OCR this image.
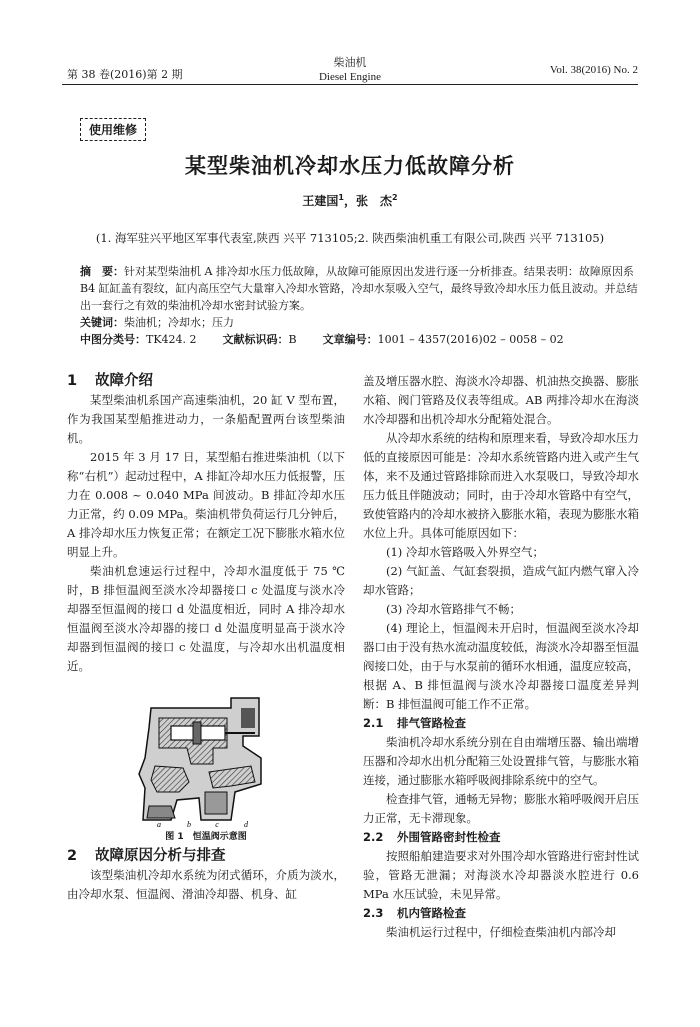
第 38 卷(2016)第 2 期
柴油机
Diesel Engine
Vol. 38(2016) No. 2
使用维修
某型柴油机冷却水压力低故障分析
王建国$^1$，张　杰$^2$
(1. 海军驻兴平地区军事代表室,陕西 兴平 713105;2. 陕西柴油机重工有限公司,陕西 兴平 713105)

摘　要：针对某型柴油机 A 排冷却水压力低故障，从故障可能原因出发进行逐一分析排查。结果表明：故障原因系 B4 缸缸盖有裂纹，缸内高压空气大量窜入冷却水管路，冷却水泵吸入空气，最终导致冷却水压力低且波动。并总结出一套行之有效的柴油机冷却水密封试验方案。

关键词：柴油机；冷却水；压力

中图分类号：TK424. 2 文献标识码：B 文章编号：1001 – 4357(2016)02 – 0058 – 02

1 故障介绍

某型柴油机系国产高速柴油机，20 缸 V 型布置，作为我国某型船推进动力，一条船配置两台该型柴油机。

2015 年 3 月 17 日，某型船右推进柴油机（以下称“右机”）起动过程中，A 排缸冷却水压力低报警，压力在 0.008 ~ 0.040 MPa 间波动。B 排缸冷却水压力正常，约 0.09 MPa。柴油机带负荷运行几分钟后，A 排冷却水压力恢复正常；在额定工况下膨胀水箱水位明显上升。

柴油机怠速运行过程中，冷却水温度低于 75 ℃时，B 排恒温阀至淡水冷却器接口 c 处温度与淡水冷却器至恒温阀的接口 d 处温度相近，同时 A 排冷却水恒温阀至淡水冷却器的接口 d 处温度明显高于淡水冷却器到恒温阀的接口 c 处温度，与冷却水出机温度相近。

a	b	c	d

图 1　恒温阀示意图

2 故障原因分析与排查

该型柴油机冷却水系统为闭式循环，介质为淡水，由冷却水泵、恒温阀、滑油冷却器、机身、缸

盖及增压器水腔、海淡水冷却器、机油热交换器、膨胀水箱、阀门管路及仪表等组成。AB 两排冷却水在海淡水冷却器和出机冷却水分配箱处混合。

从冷却水系统的结构和原理来看，导致冷却水压力低的直接原因可能是：冷却水系统管路内进入或产生气体，来不及通过管路排除而进入水泵吸口，导致冷却水压力低且伴随波动；同时，由于冷却水管路中有空气，致使管路内的冷却水被挤入膨胀水箱，表现为膨胀水箱水位上升。具体可能原因如下：

(1) 冷却水管路吸入外界空气；

(2) 气缸盖、气缸套裂损，造成气缸内燃气窜入冷却水管路；

(3) 冷却水管路排气不畅；

(4) 理论上，恒温阀未开启时，恒温阀至淡水冷却器口由于没有热水流动温度较低，海淡水冷却器至恒温阀接口处，由于与水泵前的循环水相通，温度应较高，根据 A、B 排恒温阀与淡水冷却器接口温度差异判断：B 排恒温阀可能工作不正常。

2.1 排气管路检查

柴油机冷却水系统分别在自由端增压器、输出端增压器和冷却水出机分配箱三处设置排气管，与膨胀水箱连接，通过膨胀水箱呼吸阀排除系统中的空气。

检查排气管，通畅无异物；膨胀水箱呼吸阀开启压力正常，无卡滞现象。

2.2 外围管路密封性检查

按照船舶建造要求对外围冷却水管路进行密封性试验，管路无泄漏；对海淡水冷却器淡水腔进行 0.6 MPa 水压试验，未见异常。

2.3 机内管路检查

柴油机运行过程中，仔细检查柴油机内部冷却
